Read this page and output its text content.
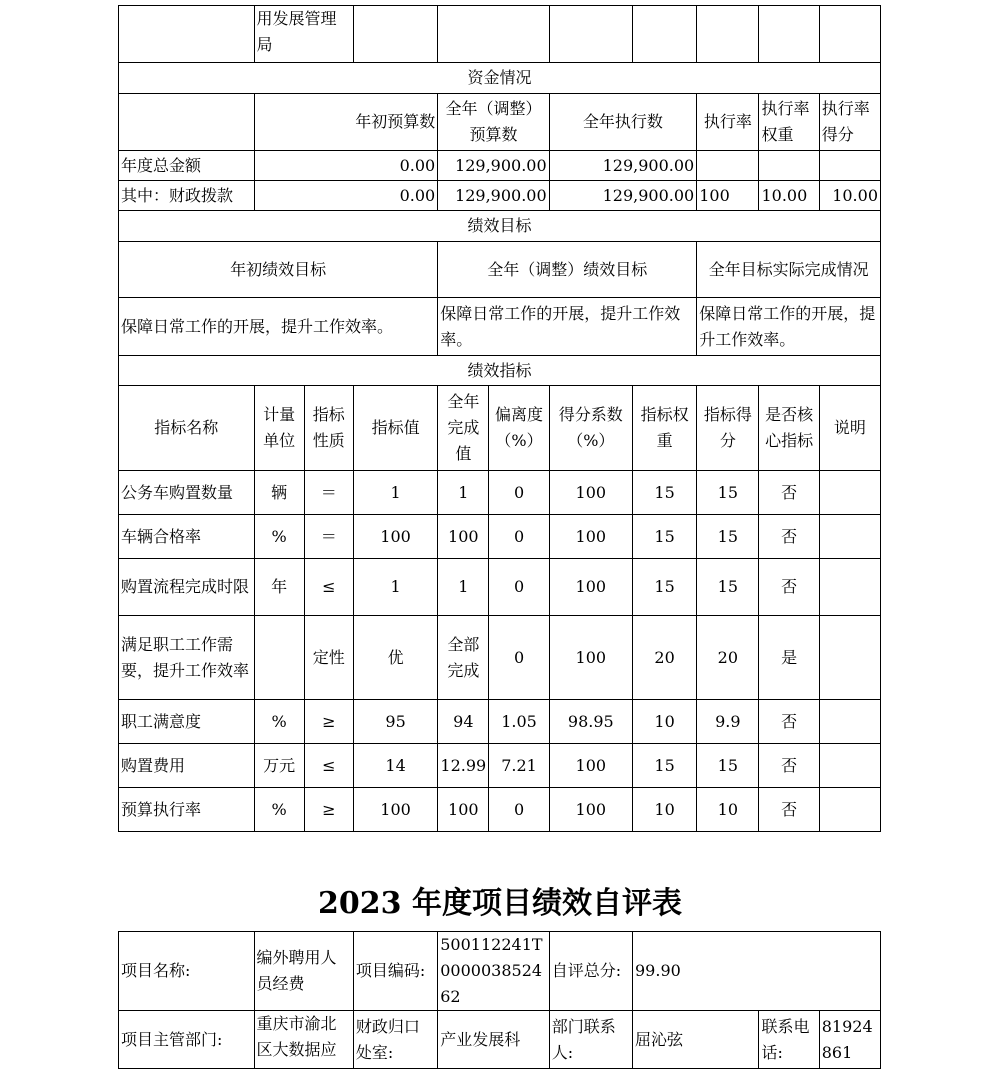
	用发展管理局									
资金情况										
	年初预算数			全年（调整）预算数		全年执行数		执行率	执行率权重	执行率得分
年度总金额	0.00			129,900.00		129,900.00				
其中：财政拨款	0.00			129,900.00		129,900.00		100	10.00	10.00
绩效目标										
年初绩效目标				全年（调整）绩效目标				全年目标实际完成情况		
保障日常工作的开展，提升工作效率。				保障日常工作的开展，提升工作效率。				保障日常工作的开展，提升工作效率。		
绩效指标										
指标名称	计量单位	指标性质	指标值	全年完成值	偏离度（%）	得分系数（%）	指标权重	指标得分	是否核心指标	说明
公务车购置数量	辆	＝	1	1	0	100	15	15	否	
车辆合格率	%	＝	100	100	0	100	15	15	否	
购置流程完成时限	年	≤	1	1	0	100	15	15	否	
满足职工工作需要，提升工作效率		定性	优	全部完成	0	100	20	20	是	
职工满意度	%	≥	95	94	1.05	98.95	10	9.9	否	
购置费用	万元	≤	14	12.99	7.21	100	15	15	否	
预算执行率	%	≥	100	100	0	100	10	10	否	
2023 年度项目绩效自评表
项目名称:	编外聘用人员经费	项目编码:	500112241T000003852462	自评总分:	99.90		
项目主管部门:	重庆市渝北区大数据应	财政归口处室:	产业发展科	部门联系人:	屈沁弦	联系电话:	81924861
